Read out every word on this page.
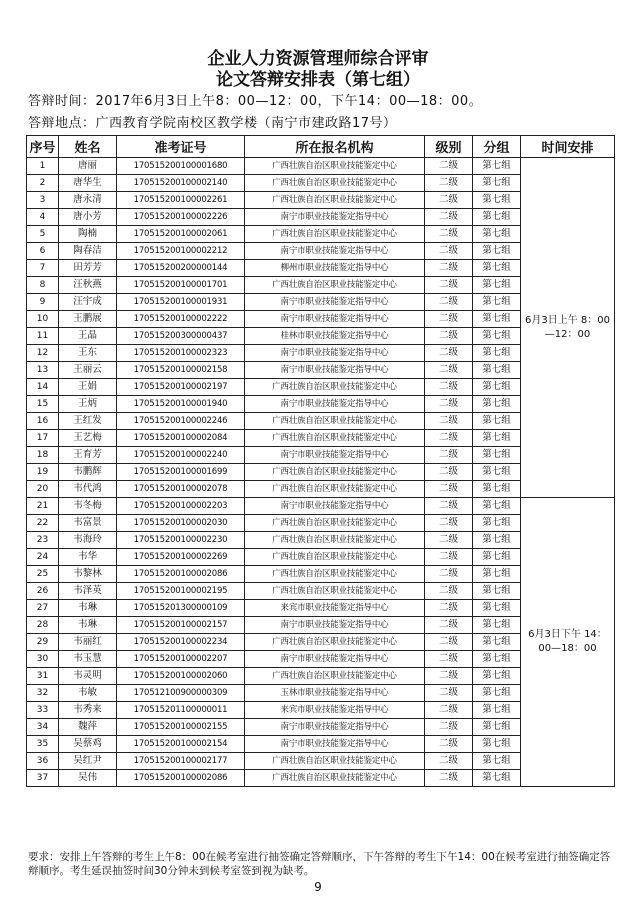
企业人力资源管理师综合评审
论文答辩安排表（第七组）
答辩时间：2017年6月3日上午8：00—12：00，下午14：00—18：00。
答辩地点：广西教育学院南校区教学楼（南宁市建政路17号）
序号	姓名	准考证号	所在报名机构	级别	分组	时间安排
1	唐丽	170515200100001680	广西壮族自治区职业技能鉴定中心	二级	第七组	6月3日上午 8：00—12：00
2	唐华生	170515200100002140	广西壮族自治区职业技能鉴定中心	二级	第七组	
3	唐永清	170515200100002261	广西壮族自治区职业技能鉴定中心	二级	第七组	
4	唐小芳	170515200100002226	南宁市职业技能鉴定指导中心	二级	第七组	
5	陶楠	170515200100002061	广西壮族自治区职业技能鉴定中心	二级	第七组	
6	陶春洁	170515200100002212	南宁市职业技能鉴定指导中心	二级	第七组	
7	田芳芳	170515200200000144	柳州市职业技能鉴定指导中心	二级	第七组	
8	汪秋燕	170515200100001701	广西壮族自治区职业技能鉴定中心	二级	第七组	
9	汪宇成	170515200100001931	南宁市职业技能鉴定指导中心	二级	第七组	
10	王鹏展	170515200100002222	南宁市职业技能鉴定指导中心	二级	第七组	
11	王晶	170515200300000437	桂林市职业技能鉴定指导中心	二级	第七组	
12	王东	170515200100002323	南宁市职业技能鉴定指导中心	二级	第七组	
13	王丽云	170515200100002158	南宁市职业技能鉴定指导中心	二级	第七组	
14	王娟	170515200100002197	广西壮族自治区职业技能鉴定中心	二级	第七组	
15	王炳	170515200100001940	南宁市职业技能鉴定指导中心	二级	第七组	
16	王红发	170515200100002246	广西壮族自治区职业技能鉴定中心	二级	第七组	
17	王艺梅	170515200100002084	广西壮族自治区职业技能鉴定中心	二级	第七组	
18	王育芳	170515200100002240	南宁市职业技能鉴定指导中心	二级	第七组	
19	韦鹏辉	170515200100001699	广西壮族自治区职业技能鉴定中心	二级	第七组	
20	韦代鸿	170515200100002078	广西壮族自治区职业技能鉴定中心	二级	第七组	
21	韦冬梅	170515200100002203	南宁市职业技能鉴定指导中心	二级	第七组	6月3日下午 14：00—18：00
22	韦富景	170515200100002030	广西壮族自治区职业技能鉴定中心	二级	第七组	
23	韦海玲	170515200100002230	广西壮族自治区职业技能鉴定中心	二级	第七组	
24	韦华	170515200100002269	广西壮族自治区职业技能鉴定中心	二级	第七组	
25	韦黎林	170515200100002086	广西壮族自治区职业技能鉴定中心	二级	第七组	
26	韦泽英	170515200100002195	广西壮族自治区职业技能鉴定中心	二级	第七组	
27	韦琳	170515201300000109	来宾市职业技能鉴定指导中心	二级	第七组	
28	韦琳	170515200100002157	南宁市职业技能鉴定指导中心	二级	第七组	
29	韦丽红	170515200100002234	广西壮族自治区职业技能鉴定中心	二级	第七组	
30	韦玉慧	170515200100002207	南宁市职业技能鉴定指导中心	二级	第七组	
31	韦灵明	170515200100002060	广西壮族自治区职业技能鉴定中心	二级	第七组	
32	韦敏	170512100900000309	玉林市职业技能鉴定指导中心	二级	第七组	
33	韦秀来	170515201100000011	来宾市职业技能鉴定指导中心	二级	第七组	
34	魏萍	170515200100002155	南宁市职业技能鉴定指导中心	二级	第七组	
35	吴蔡鸡	170515200100002154	南宁市职业技能鉴定指导中心	二级	第七组	
36	吴红尹	170515200100002177	广西壮族自治区职业技能鉴定中心	二级	第七组	
37	吴伟	170515200100002086	广西壮族自治区职业技能鉴定中心	二级	第七组	
要求：安排上午答辩的考生上午8：00在候考室进行抽签确定答辩顺序，下午答辩的考生下午14：00在候考室进行抽签确定答辩顺序。考生延误抽签时间30分钟未到候考室签到视为缺考。
9
